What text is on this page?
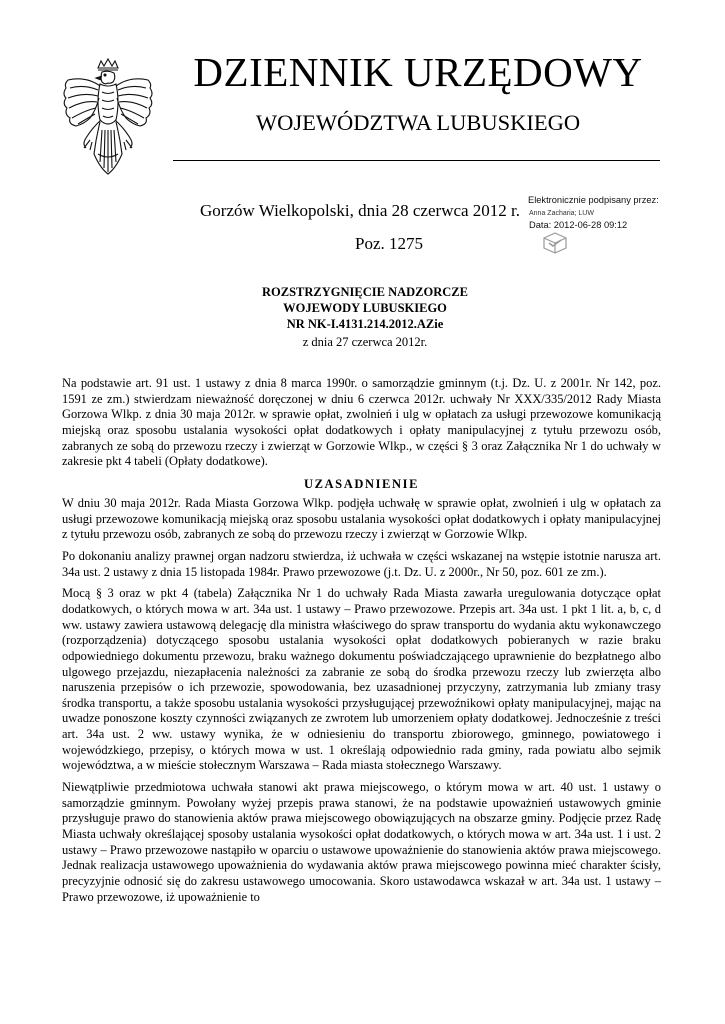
DZIENNIK URZĘDOWY
WOJEWÓDZTWA LUBUSKIEGO
Elektronicznie podpisany przez:
Anna Zacharia; LUW
Data: 2012-06-28 09:12
Gorzów Wielkopolski, dnia 28 czerwca 2012 r.
Poz. 1275
ROZSTRZYGNIĘCIE NADZORCZE
WOJEWODY LUBUSKIEGO
NR NK-I.4131.214.2012.AZie
z dnia 27 czerwca 2012r.

Na podstawie art. 91 ust. 1 ustawy z dnia 8 marca 1990r. o samorządzie gminnym (t.j. Dz. U. z 2001r. Nr 142, poz. 1591 ze zm.) stwierdzam nieważność doręczonej w dniu 6 czerwca 2012r. uchwały Nr XXX/335/2012 Rady Miasta Gorzowa Wlkp. z dnia 30 maja 2012r. w sprawie opłat, zwolnień i ulg w opłatach za usługi przewozowe komunikacją miejską oraz sposobu ustalania wysokości opłat dodatkowych i opłaty manipulacyjnej z tytułu przewozu osób, zabranych ze sobą do przewozu rzeczy i zwierząt w Gorzowie Wlkp., w części § 3 oraz Załącznika Nr 1 do uchwały w zakresie pkt 4 tabeli (Opłaty dodatkowe).

UZASADNIENIE

W dniu 30 maja 2012r. Rada Miasta Gorzowa Wlkp. podjęła uchwałę w sprawie opłat, zwolnień i ulg w opłatach za usługi przewozowe komunikacją miejską oraz sposobu ustalania wysokości opłat dodatkowych i opłaty manipulacyjnej z tytułu przewozu osób, zabranych ze sobą do przewozu rzeczy i zwierząt w Gorzowie Wlkp.

Po dokonaniu analizy prawnej organ nadzoru stwierdza, iż uchwała w części wskazanej na wstępie istotnie narusza art. 34a ust. 2 ustawy z dnia 15 listopada 1984r. Prawo przewozowe (j.t. Dz. U. z 2000r., Nr 50, poz. 601 ze zm.).

Mocą § 3 oraz w pkt 4 (tabela) Załącznika Nr 1 do uchwały Rada Miasta zawarła uregulowania dotyczące opłat dodatkowych, o których mowa w art. 34a ust. 1 ustawy – Prawo przewozowe. Przepis art. 34a ust. 1 pkt 1 lit. a, b, c, d ww. ustawy zawiera ustawową delegację dla ministra właściwego do spraw transportu do wydania aktu wykonawczego (rozporządzenia) dotyczącego sposobu ustalania wysokości opłat dodatkowych pobieranych w razie braku odpowiedniego dokumentu przewozu, braku ważnego dokumentu poświadczającego uprawnienie do bezpłatnego albo ulgowego przejazdu, niezapłacenia należności za zabranie ze sobą do środka przewozu rzeczy lub zwierzęta albo naruszenia przepisów o ich przewozie, spowodowania, bez uzasadnionej przyczyny, zatrzymania lub zmiany trasy środka transportu, a także sposobu ustalania wysokości przysługującej przewoźnikowi opłaty manipulacyjnej, mając na uwadze ponoszone koszty czynności związanych ze zwrotem lub umorzeniem opłaty dodatkowej. Jednocześnie z treści art. 34a ust. 2 ww. ustawy wynika, że w odniesieniu do transportu zbiorowego, gminnego, powiatowego i wojewódzkiego, przepisy, o których mowa w ust. 1 określają odpowiednio rada gminy, rada powiatu albo sejmik województwa, a w mieście stołecznym Warszawa – Rada miasta stołecznego Warszawy.

Niewątpliwie przedmiotowa uchwała stanowi akt prawa miejscowego, o którym mowa w art. 40 ust. 1 ustawy o samorządzie gminnym. Powołany wyżej przepis prawa stanowi, że na podstawie upoważnień ustawowych gminie przysługuje prawo do stanowienia aktów prawa miejscowego obowiązujących na obszarze gminy. Podjęcie przez Radę Miasta uchwały określającej sposoby ustalania wysokości opłat dodatkowych, o których mowa w art. 34a ust. 1 i ust. 2 ustawy – Prawo przewozowe nastąpiło w oparciu o ustawowe upoważnienie do stanowienia aktów prawa miejscowego. Jednak realizacja ustawowego upoważnienia do wydawania aktów prawa miejscowego powinna mieć charakter ścisły, precyzyjnie odnosić się do zakresu ustawowego umocowania. Skoro ustawodawca wskazał w art. 34a ust. 1 ustawy – Prawo przewozowe, iż upoważnienie to
